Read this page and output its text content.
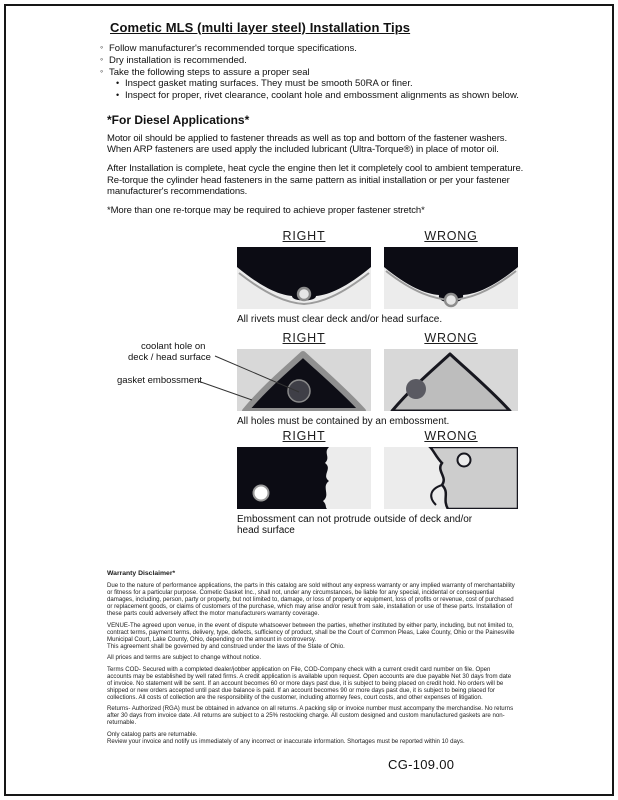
Cometic MLS (multi layer steel) Installation Tips
◦ Follow manufacturer's recommended torque specifications.
◦ Dry installation is recommended.
◦ Take the following steps to assure a proper seal
• Inspect gasket mating surfaces. They must be smooth 50RA or finer.
• Inspect for proper, rivet clearance, coolant hole and embossment alignments as shown below.
*For Diesel Applications*

Motor oil should be applied to fastener threads as well as top and bottom of the fastener washers. When ARP fasteners are used apply the included lubricant (Ultra-Torque®) in place of motor oil.

After Installation is complete, heat cycle the engine then let it completely cool to ambient temperature. Re-torque the cylinder head fasteners in the same pattern as initial installation or per your fastener manufacturer's recommendations.

*More than one re-torque may be required to achieve proper fastener stretch*

RIGHT	WRONG
All rivets must clear deck and/or head surface.
RIGHT	WRONG
All holes must be contained by an embossment.
coolant hole on
deck / head surface
gasket embossment
RIGHT	WRONG
Embossment can not protrude outside of deck and/or head surface
Warranty Disclaimer*

Due to the nature of performance applications, the parts in this catalog are sold without any express warranty or any implied warranty of merchantability or fitness for a particular purpose. Cometic Gasket Inc., shall not, under any circumstances, be liable for any special, incidental or consequential damages, including, person, party or property, but not limited to, damage, or loss of property or equipment, loss of profits or revenue, cost of purchased or replacement goods, or claims of customers of the purchase, which may arise and/or result from sale, installation or use of these parts. Installation of these parts could adversely affect the motor manufacturers warranty coverage.

VENUE-The agreed upon venue, in the event of dispute whatsoever between the parties, whether instituted by either party, including, but not limited to, contract terms, payment terms, delivery, type, defects, sufficiency of product, shall be the Court of Common Pleas, Lake County, Ohio or the Painesville Municipal Court, Lake County, Ohio, depending on the amount in controversy.

This agreement shall be governed by and construed under the laws of the State of Ohio.

All prices and terms are subject to change without notice.

Terms COD- Secured with a completed dealer/jobber application on File, COD-Company check with a current credit card number on file. Open accounts may be established by well rated firms. A credit application is available upon request. Open accounts are due payable Net 30 days from date of invoice. No statement will be sent. If an account becomes 60 or more days past due, it is subject to being placed on credit hold. No orders will be shipped or new orders accepted until past due balance is paid. If an account becomes 90 or more days past due, it is subject to being placed for collections. All costs of collection are the responsibility of the customer, including attorney fees, court costs, and other expenses of litigation.

Returns- Authorized (RGA) must be obtained in advance on all returns. A packing slip or invoice number must accompany the merchandise. No returns after 30 days from invoice date. All returns are subject to a 25% restocking charge. All custom designed and custom manufactured gaskets are non-returnable.

Only catalog parts are returnable.

Review your invoice and notify us immediately of any incorrect or inaccurate information. Shortages must be reported within 10 days.

CG-109.00
